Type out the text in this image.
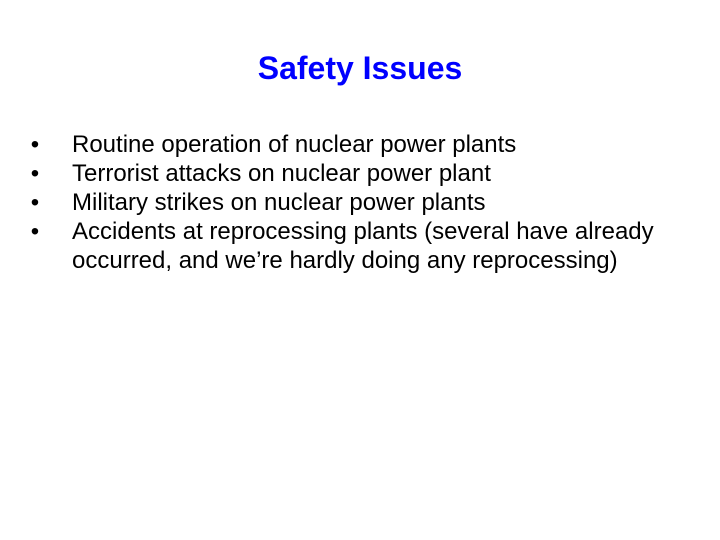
Safety Issues
• Routine operation of nuclear power plants
• Terrorist attacks on nuclear power plant
• Military strikes on nuclear power plants
• Accidents at reprocessing plants (several have already occurred, and we’re hardly doing any reprocessing)
